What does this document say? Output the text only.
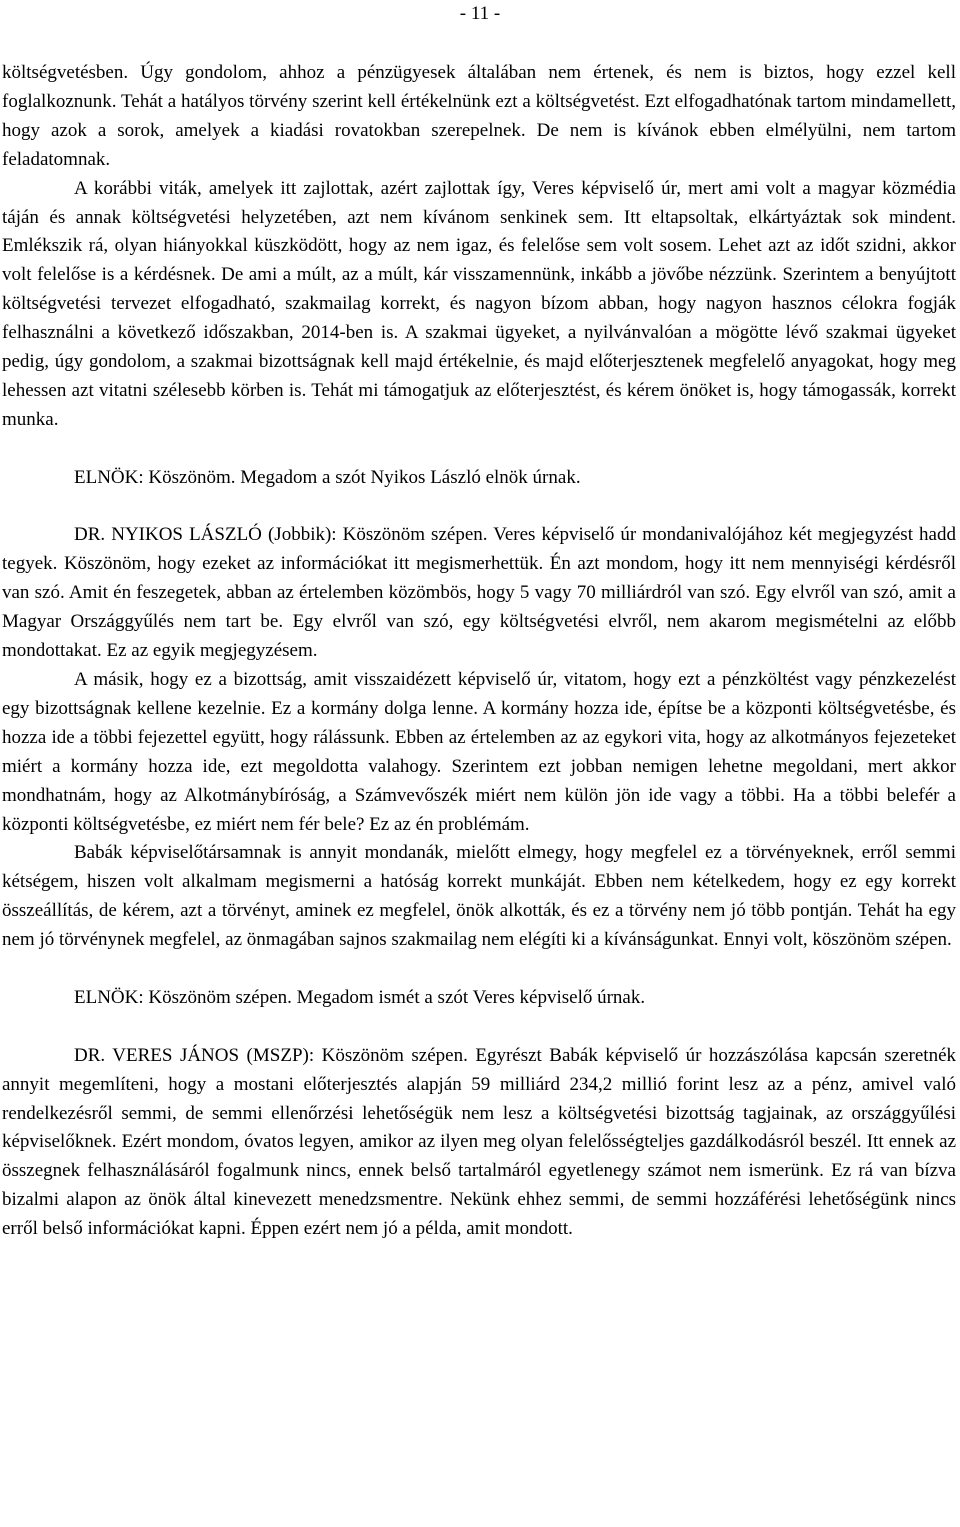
- 11 -

költségvetésben. Úgy gondolom, ahhoz a pénzügyesek általában nem értenek, és nem is biztos, hogy ezzel kell foglalkoznunk. Tehát a hatályos törvény szerint kell értékelnünk ezt a költségvetést. Ezt elfogadhatónak tartom mindamellett, hogy azok a sorok, amelyek a kiadási rovatokban szerepelnek. De nem is kívánok ebben elmélyülni, nem tartom feladatomnak.

A korábbi viták, amelyek itt zajlottak, azért zajlottak így, Veres képviselő úr, mert ami volt a magyar közmédia táján és annak költségvetési helyzetében, azt nem kívánom senkinek sem. Itt eltapsoltak, elkártyáztak sok mindent. Emlékszik rá, olyan hiányokkal küszködött, hogy az nem igaz, és felelőse sem volt sosem. Lehet azt az időt szidni, akkor volt felelőse is a kérdésnek. De ami a múlt, az a múlt, kár visszamennünk, inkább a jövőbe nézzünk. Szerintem a benyújtott költségvetési tervezet elfogadható, szakmailag korrekt, és nagyon bízom abban, hogy nagyon hasznos célokra fogják felhasználni a következő időszakban, 2014-ben is. A szakmai ügyeket, a nyilvánvalóan a mögötte lévő szakmai ügyeket pedig, úgy gondolom, a szakmai bizottságnak kell majd értékelnie, és majd előterjesztenek megfelelő anyagokat, hogy meg lehessen azt vitatni szélesebb körben is. Tehát mi támogatjuk az előterjesztést, és kérem önöket is, hogy támogassák, korrekt munka.

ELNÖK: Köszönöm. Megadom a szót Nyikos László elnök úrnak.

DR. NYIKOS LÁSZLÓ (Jobbik): Köszönöm szépen. Veres képviselő úr mondanivalójához két megjegyzést hadd tegyek. Köszönöm, hogy ezeket az információkat itt megismerhettük. Én azt mondom, hogy itt nem mennyiségi kérdésről van szó. Amit én feszegetek, abban az értelemben közömbös, hogy 5 vagy 70 milliárdról van szó. Egy elvről van szó, amit a Magyar Országgyűlés nem tart be. Egy elvről van szó, egy költségvetési elvről, nem akarom megismételni az előbb mondottakat. Ez az egyik megjegyzésem.

A másik, hogy ez a bizottság, amit visszaidézett képviselő úr, vitatom, hogy ezt a pénzköltést vagy pénzkezelést egy bizottságnak kellene kezelnie. Ez a kormány dolga lenne. A kormány hozza ide, építse be a központi költségvetésbe, és hozza ide a többi fejezettel együtt, hogy rálássunk. Ebben az értelemben az az egykori vita, hogy az alkotmányos fejezeteket miért a kormány hozza ide, ezt megoldotta valahogy. Szerintem ezt jobban nemigen lehetne megoldani, mert akkor mondhatnám, hogy az Alkotmánybíróság, a Számvevőszék miért nem külön jön ide vagy a többi. Ha a többi belefér a központi költségvetésbe, ez miért nem fér bele? Ez az én problémám.

Babák képviselőtársamnak is annyit mondanák, mielőtt elmegy, hogy megfelel ez a törvényeknek, erről semmi kétségem, hiszen volt alkalmam megismerni a hatóság korrekt munkáját. Ebben nem kételkedem, hogy ez egy korrekt összeállítás, de kérem, azt a törvényt, aminek ez megfelel, önök alkották, és ez a törvény nem jó több pontján. Tehát ha egy nem jó törvénynek megfelel, az önmagában sajnos szakmailag nem elégíti ki a kívánságunkat. Ennyi volt, köszönöm szépen.

ELNÖK: Köszönöm szépen. Megadom ismét a szót Veres képviselő úrnak.

DR. VERES JÁNOS (MSZP): Köszönöm szépen. Egyrészt Babák képviselő úr hozzászólása kapcsán szeretnék annyit megemlíteni, hogy a mostani előterjesztés alapján 59 milliárd 234,2 millió forint lesz az a pénz, amivel való rendelkezésről semmi, de semmi ellenőrzési lehetőségük nem lesz a költségvetési bizottság tagjainak, az országgyűlési képviselőknek. Ezért mondom, óvatos legyen, amikor az ilyen meg olyan felelősségteljes gazdálkodásról beszél. Itt ennek az összegnek felhasználásáról fogalmunk nincs, ennek belső tartalmáról egyetlenegy számot nem ismerünk. Ez rá van bízva bizalmi alapon az önök által kinevezett menedzsmentre. Nekünk ehhez semmi, de semmi hozzáférési lehetőségünk nincs erről belső információkat kapni. Éppen ezért nem jó a példa, amit mondott.
